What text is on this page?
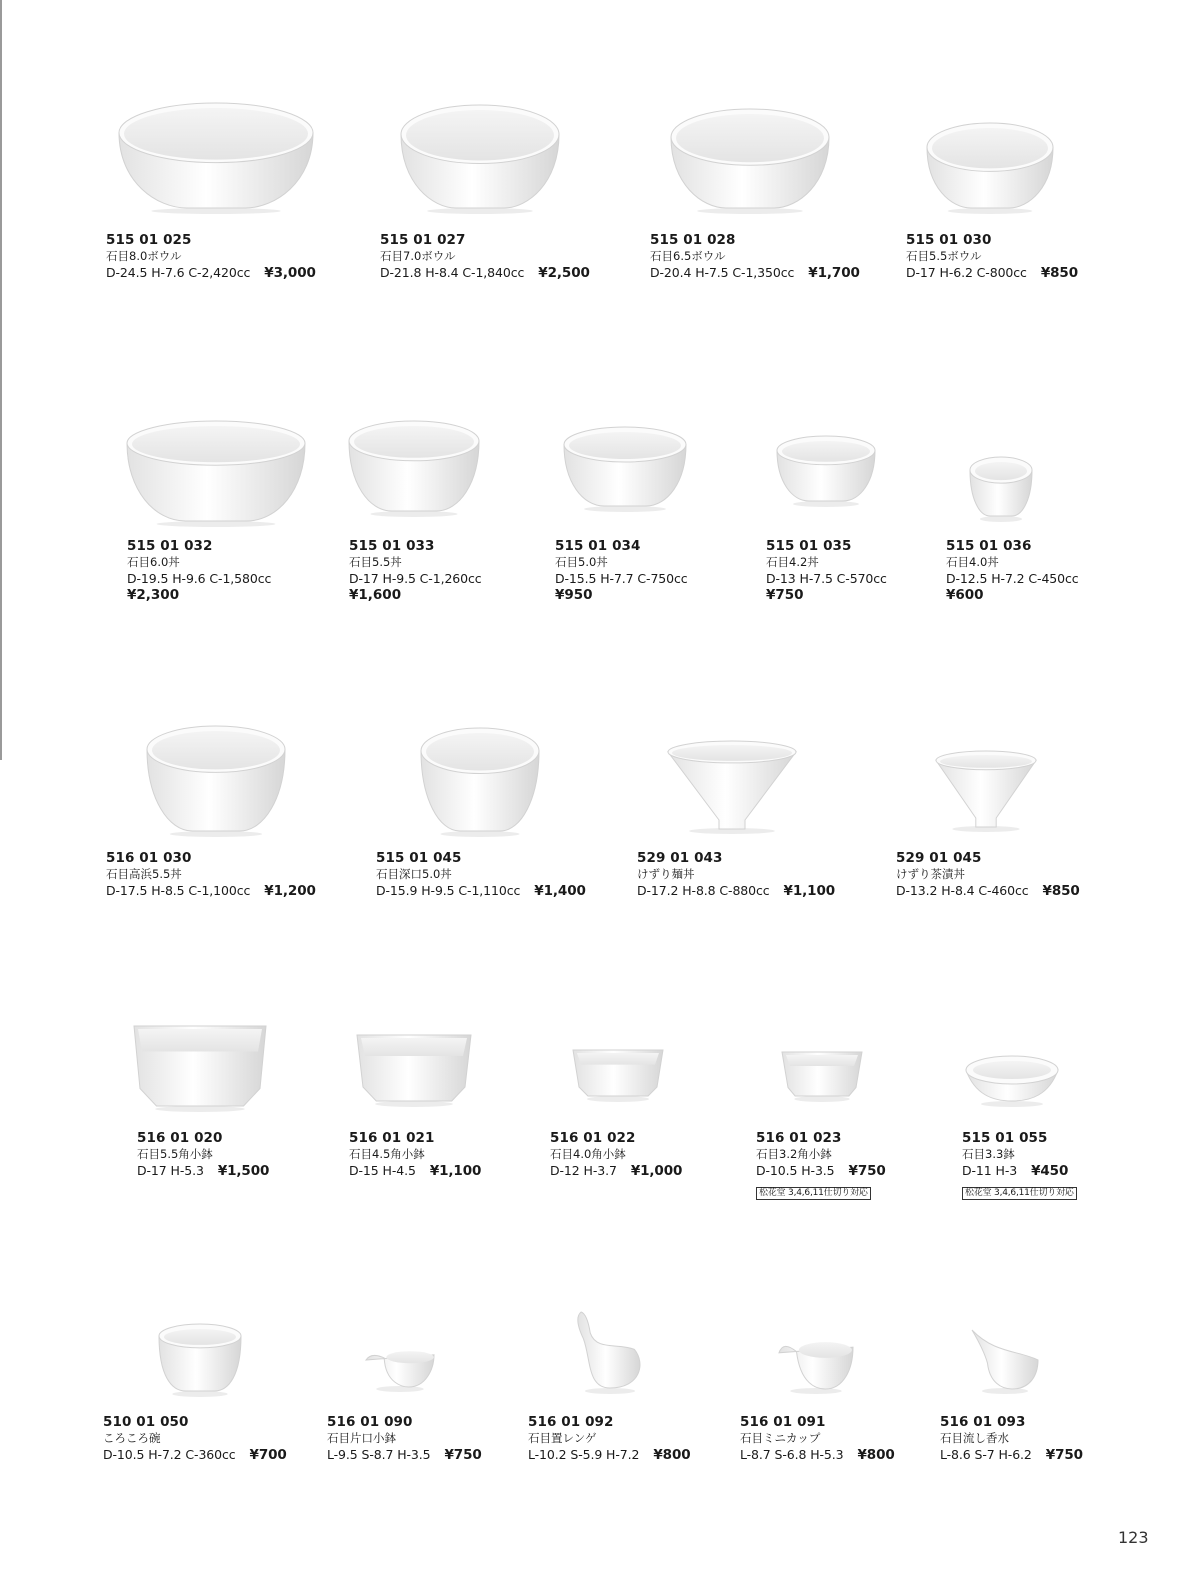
515 01 025
石目8.0ボウル
D-24.5 H-7.6 C-2,420cc ¥3,000
515 01 027
石目7.0ボウル
D-21.8 H-8.4 C-1,840cc ¥2,500
515 01 028
石目6.5ボウル
D-20.4 H-7.5 C-1,350cc ¥1,700
515 01 030
石目5.5ボウル
D-17 H-6.2 C-800cc ¥850
515 01 032
石目6.0丼
D-19.5 H-9.6 C-1,580cc
¥2,300
515 01 033
石目5.5丼
D-17 H-9.5 C-1,260cc
¥1,600
515 01 034
石目5.0丼
D-15.5 H-7.7 C-750cc
¥950
515 01 035
石目4.2丼
D-13 H-7.5 C-570cc
¥750
515 01 036
石目4.0丼
D-12.5 H-7.2 C-450cc
¥600
516 01 030
石目高浜5.5丼
D-17.5 H-8.5 C-1,100cc ¥1,200
515 01 045
石目深口5.0丼
D-15.9 H-9.5 C-1,110cc ¥1,400
529 01 043
けずり麺丼
D-17.2 H-8.8 C-880cc ¥1,100
529 01 045
けずり茶漬丼
D-13.2 H-8.4 C-460cc ¥850
516 01 020
石目5.5角小鉢
D-17 H-5.3 ¥1,500
516 01 021
石目4.5角小鉢
D-15 H-4.5 ¥1,100
516 01 022
石目4.0角小鉢
D-12 H-3.7 ¥1,000
516 01 023
石目3.2角小鉢
D-10.5 H-3.5 ¥750
松花堂 3,4,6,11仕切り対応
515 01 055
石目3.3鉢
D-11 H-3 ¥450
松花堂 3,4,6,11仕切り対応
510 01 050
ころころ碗
D-10.5 H-7.2 C-360cc ¥700
516 01 090
石目片口小鉢
L-9.5 S-8.7 H-3.5 ¥750
516 01 092
石目置レンゲ
L-10.2 S-5.9 H-7.2 ¥800
516 01 091
石目ミニカップ
L-8.7 S-6.8 H-5.3 ¥800
516 01 093
石目流し香水
L-8.6 S-7 H-6.2 ¥750
123
